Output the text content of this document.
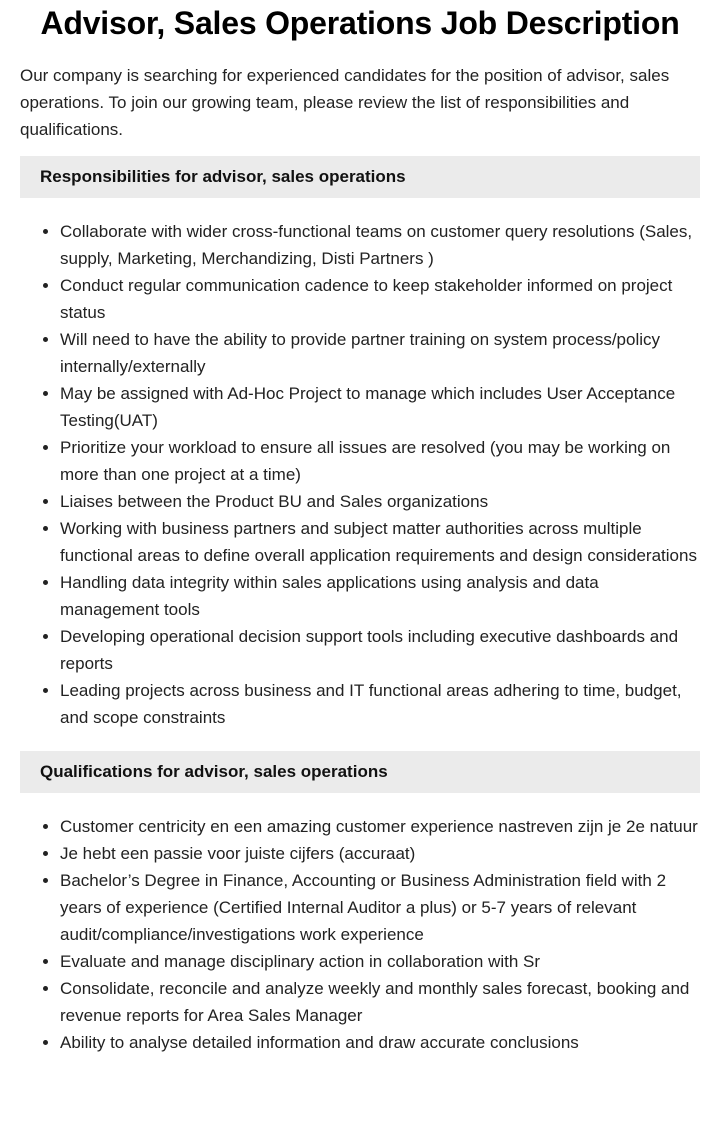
Advisor, Sales Operations Job Description

Our company is searching for experienced candidates for the position of advisor, sales operations. To join our growing team, please review the list of responsibilities and qualifications.

Responsibilities for advisor, sales operations
• Collaborate with wider cross-functional teams on customer query resolutions (Sales, supply, Marketing, Merchandizing, Disti Partners )
• Conduct regular communication cadence to keep stakeholder informed on project status
• Will need to have the ability to provide partner training on system process/policy internally/externally
• May be assigned with Ad-Hoc Project to manage which includes User Acceptance Testing(UAT)
• Prioritize your workload to ensure all issues are resolved (you may be working on more than one project at a time)
• Liaises between the Product BU and Sales organizations
• Working with business partners and subject matter authorities across multiple functional areas to define overall application requirements and design considerations
• Handling data integrity within sales applications using analysis and data management tools
• Developing operational decision support tools including executive dashboards and reports
• Leading projects across business and IT functional areas adhering to time, budget, and scope constraints
Qualifications for advisor, sales operations
• Customer centricity en een amazing customer experience nastreven zijn je 2e natuur
• Je hebt een passie voor juiste cijfers (accuraat)
• Bachelor’s Degree in Finance, Accounting or Business Administration field with 2 years of experience (Certified Internal Auditor a plus) or 5-7 years of relevant audit/compliance/investigations work experience
• Evaluate and manage disciplinary action in collaboration with Sr
• Consolidate, reconcile and analyze weekly and monthly sales forecast, booking and revenue reports for Area Sales Manager
• Ability to analyse detailed information and draw accurate conclusions
